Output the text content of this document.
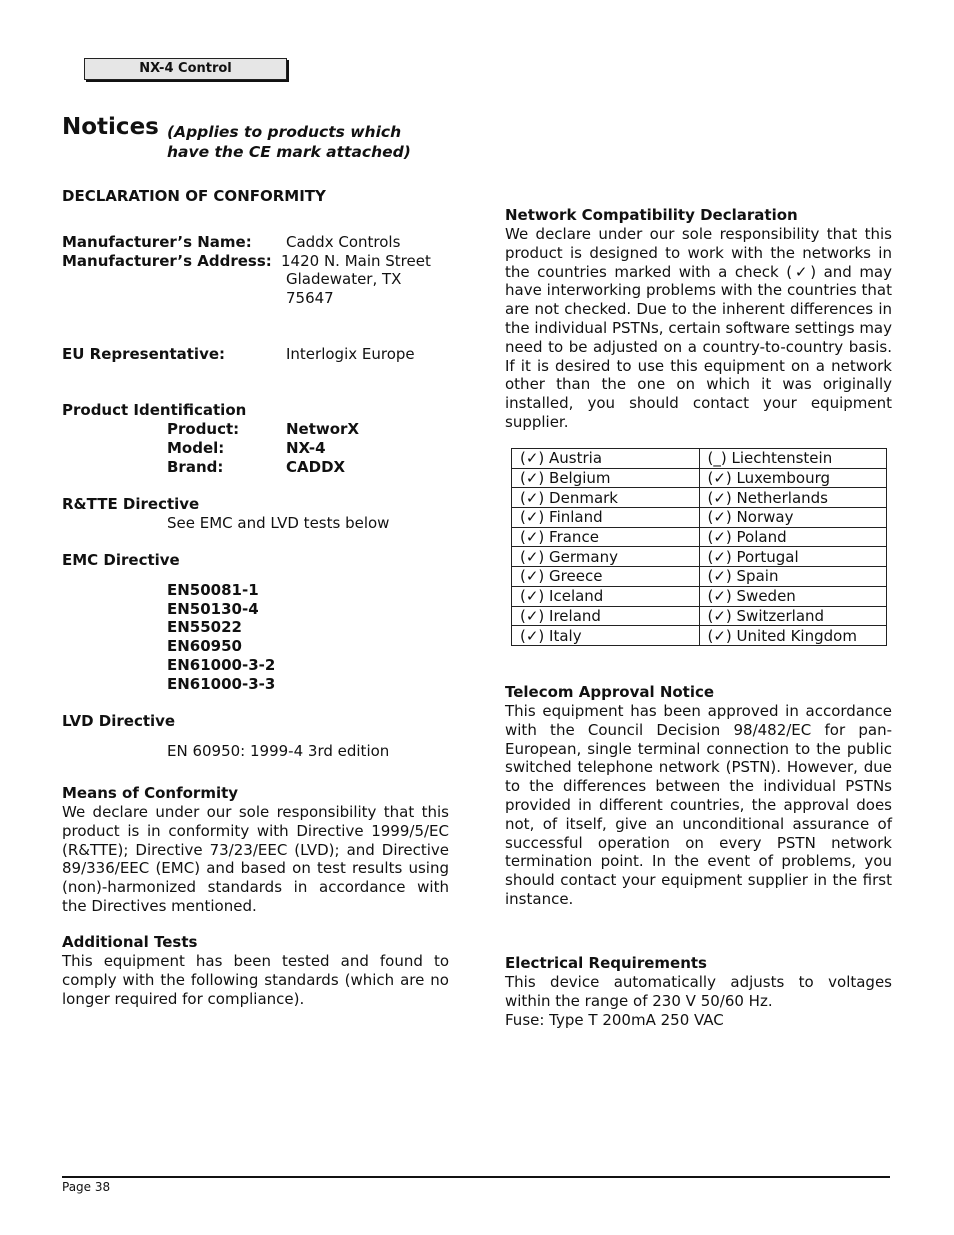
NX-4 Control
Notices (Applies to products which
have the CE mark attached)
DECLARATION OF CONFORMITY
Manufacturer’s Name: Caddx Controls
Manufacturer’s Address: 1420 N. Main Street
Gladewater, TX
75647
EU Representative:	Interlogix Europe
Product Identification
Product:	NetworX
Model:	NX-4
Brand:	CADDX
R&TTE Directive
See EMC and LVD tests below
EMC Directive
EN50081-1
EN50130-4
EN55022
EN60950
EN61000-3-2
EN61000-3-3
LVD Directive
EN 60950: 1999-4 3rd edition
Means of Conformity
We declare under our sole responsibility that this product is in conformity with Directive 1999/5/EC (R&TTE); Directive 73/23/EEC (LVD); and Directive 89/336/EEC (EMC) and based on test results using (non)-harmonized standards in accordance with the Directives mentioned.
Additional Tests
This equipment has been tested and found to comply with the following standards (which are no longer required for compliance).
Network Compatibility Declaration
We declare under our sole responsibility that this product is designed to work with the networks in the countries marked with a check (✓) and may have interworking problems with the countries that are not checked. Due to the inherent differences in the individual PSTNs, certain software settings may need to be adjusted on a country-to-country basis. If it is desired to use this equipment on a network other than the one on which it was originally installed, you should contact your equipment supplier.
(✓) Austria	(_) Liechtenstein
(✓) Belgium	(✓) Luxembourg
(✓) Denmark	(✓) Netherlands
(✓) Finland	(✓) Norway
(✓) France	(✓) Poland
(✓) Germany	(✓) Portugal
(✓) Greece	(✓) Spain
(✓) Iceland	(✓) Sweden
(✓) Ireland	(✓) Switzerland
(✓) Italy	(✓) United Kingdom
Telecom Approval Notice
This equipment has been approved in accordance with the Council Decision 98/482/EC for pan-European, single terminal connection to the public switched telephone network (PSTN). However, due to the differences between the individual PSTNs provided in different countries, the approval does not, of itself, give an unconditional assurance of successful operation on every PSTN network termination point. In the event of problems, you should contact your equipment supplier in the first instance.
Electrical Requirements
This device automatically adjusts to voltages within the range of 230 V 50/60 Hz.
Fuse: Type T 200mA 250 VAC
Page 38
